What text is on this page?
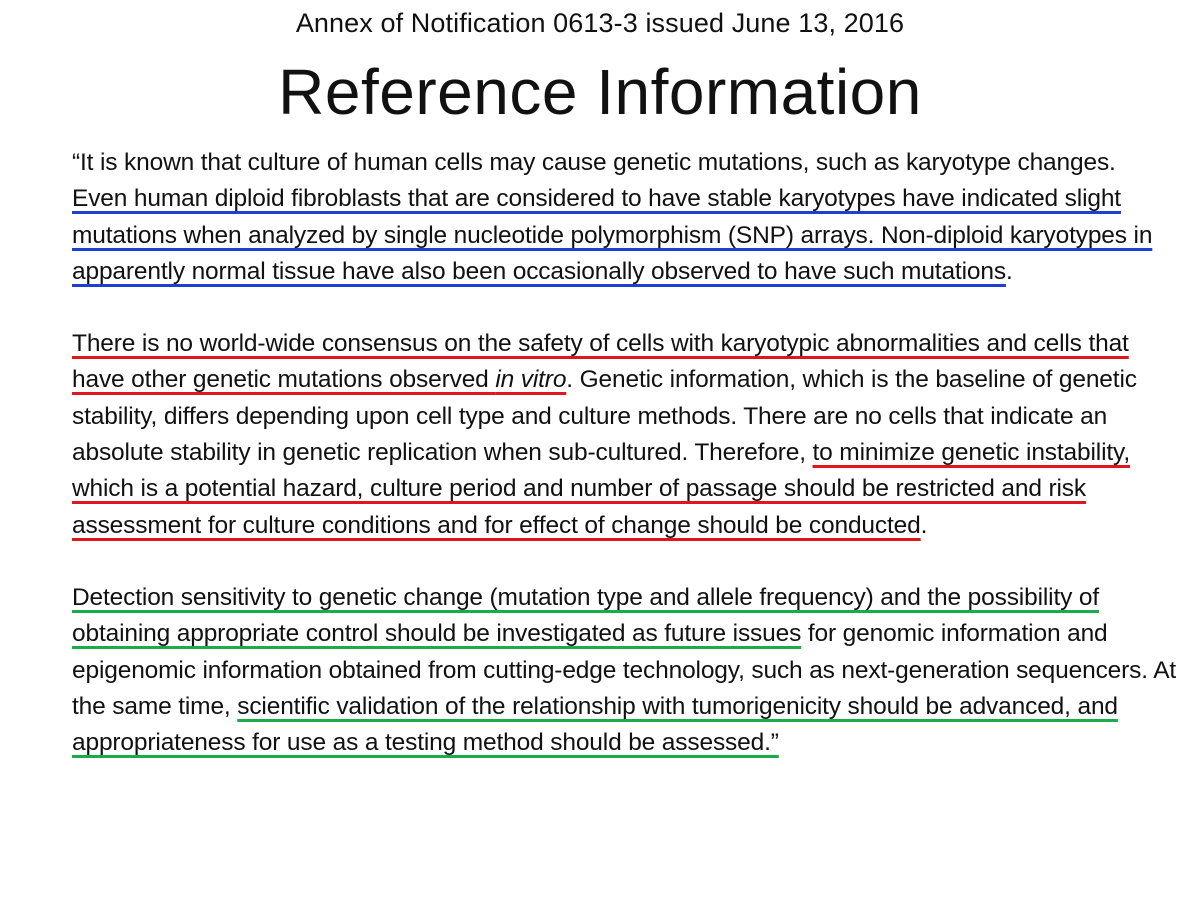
Annex of Notification 0613-3 issued June 13, 2016
Reference Information

“It is known that culture of human cells may cause genetic mutations, such as karyotype changes. Even human diploid fibroblasts that are considered to have stable karyotypes have indicated slight mutations when analyzed by single nucleotide polymorphism (SNP) arrays. Non-diploid karyotypes in apparently normal tissue have also been occasionally observed to have such mutations.

There is no world-wide consensus on the safety of cells with karyotypic abnormalities and cells that have other genetic mutations observed in vitro. Genetic information, which is the baseline of genetic stability, differs depending upon cell type and culture methods. There are no cells that indicate an absolute stability in genetic replication when sub-cultured. Therefore, to minimize genetic instability, which is a potential hazard, culture period and number of passage should be restricted and risk assessment for culture conditions and for effect of change should be conducted.

Detection sensitivity to genetic change (mutation type and allele frequency) and the possibility of obtaining appropriate control should be investigated as future issues for genomic information and epigenomic information obtained from cutting-edge technology, such as next-generation sequencers. At the same time, scientific validation of the relationship with tumorigenicity should be advanced, and appropriateness for use as a testing method should be assessed.”
